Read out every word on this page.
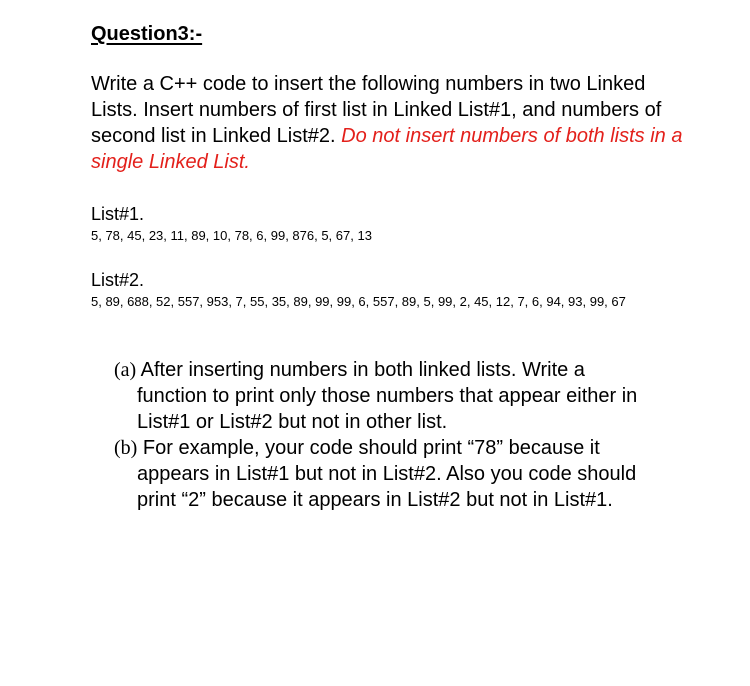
Question3:-
Write a C++ code to insert the following numbers in two Linked Lists. Insert numbers of first list in Linked List#1, and numbers of second list in Linked List#2. Do not insert numbers of both lists in a single Linked List.
List#1.
5, 78, 45, 23, 11, 89, 10, 78, 6, 99, 876, 5, 67, 13
List#2.
5, 89, 688, 52, 557, 953, 7, 55, 35, 89, 99, 99, 6, 557, 89, 5, 99, 2, 45, 12, 7, 6, 94, 93, 99, 67
(a) After inserting numbers in both linked lists. Write a function to print only those numbers that appear either in List#1 or List#2 but not in other list.
(b) For example, your code should print “78” because it appears in List#1 but not in List#2. Also you code should print “2” because it appears in List#2 but not in List#1.
